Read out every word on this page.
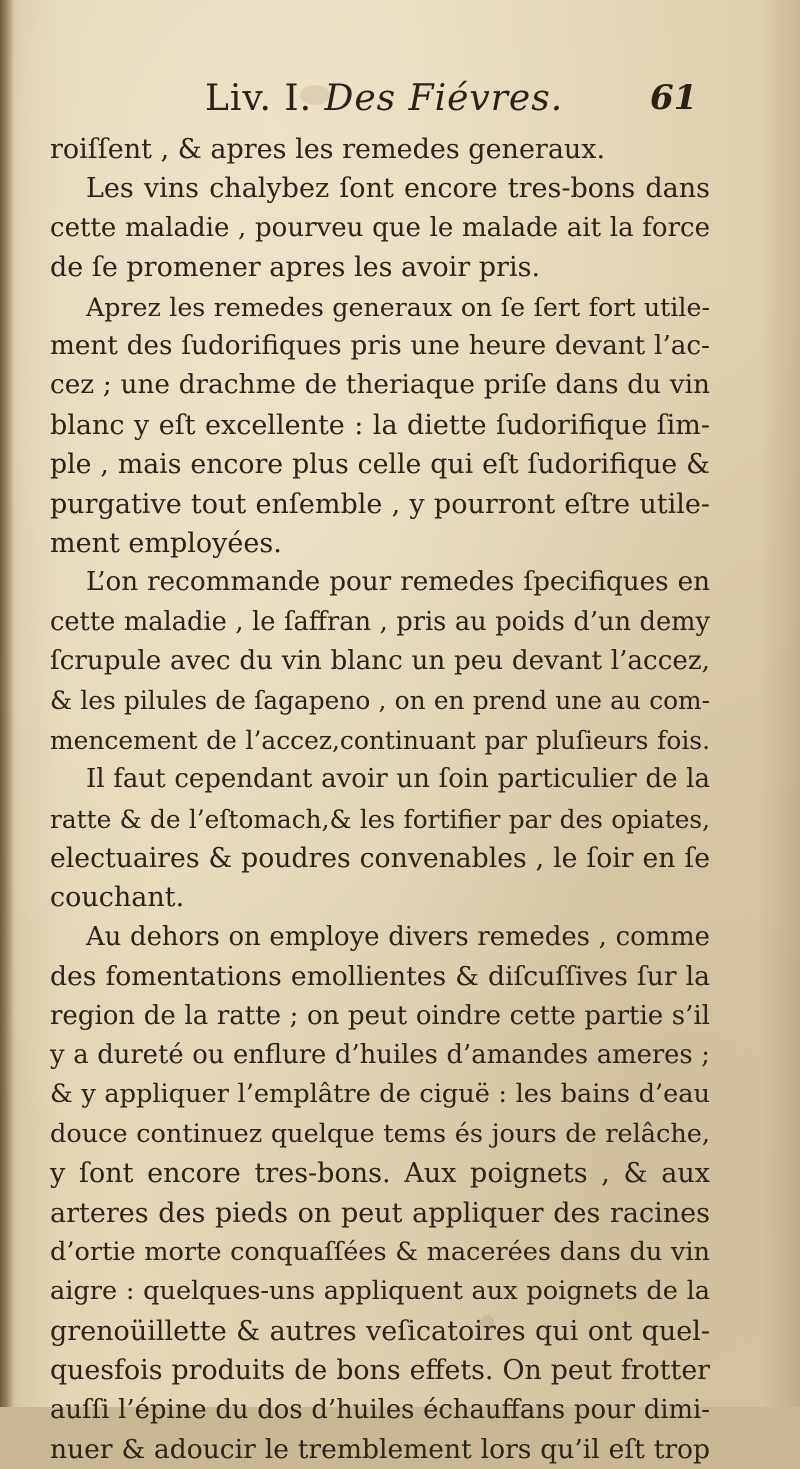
Liv. I. Des Fiévres.	61
roiſſent , & apres les remedes generaux.
Les vins chalybez ſont encore tres-bons dans
cette maladie , pourveu que le malade ait la force
de ſe promener apres les avoir pris.
Aprez les remedes generaux on ſe ſert fort utile-
ment des ſudorifiques pris une heure devant l’ac-
cez ; une drachme de theriaque priſe dans du vin
blanc y eſt excellente : la diette ſudorifique ſim-
ple , mais encore plus celle qui eſt ſudorifique &
purgative tout enſemble , y pourront eſtre utile-
ment employées.
L’on recommande pour remedes ſpecifiques en
cette maladie , le ſaffran , pris au poids d’un demy
ſcrupule avec du vin blanc un peu devant l’accez,
& les pilules de ſagapeno , on en prend une au com-
mencement de l’accez,continuant par pluſieurs fois.
Il faut cependant avoir un ſoin particulier de la
ratte & de l’eſtomach,& les fortifier par des opiates,
electuaires & poudres convenables , le ſoir en ſe
couchant.
Au dehors on employe divers remedes , comme
des fomentations emollientes & diſcuſſives ſur la
region de la ratte ; on peut oindre cette partie s’il
y a dureté ou enflure d’huiles d’amandes ameres ;
& y appliquer l’emplâtre de ciguë : les bains d’eau
douce continuez quelque tems és jours de relâche,
y ſont encore tres-bons. Aux poignets , & aux
arteres des pieds on peut appliquer des racines
d’ortie morte conquaſſées & macerées dans du vin
aigre : quelques-uns appliquent aux poignets de la
grenoüillette & autres veſicatoires qui ont quel-
quesfois produits de bons effets. On peut frotter
auſſi l’épine du dos d’huiles échauffans pour dimi-
nuer & adoucir le tremblement lors qu’il eſt trop
